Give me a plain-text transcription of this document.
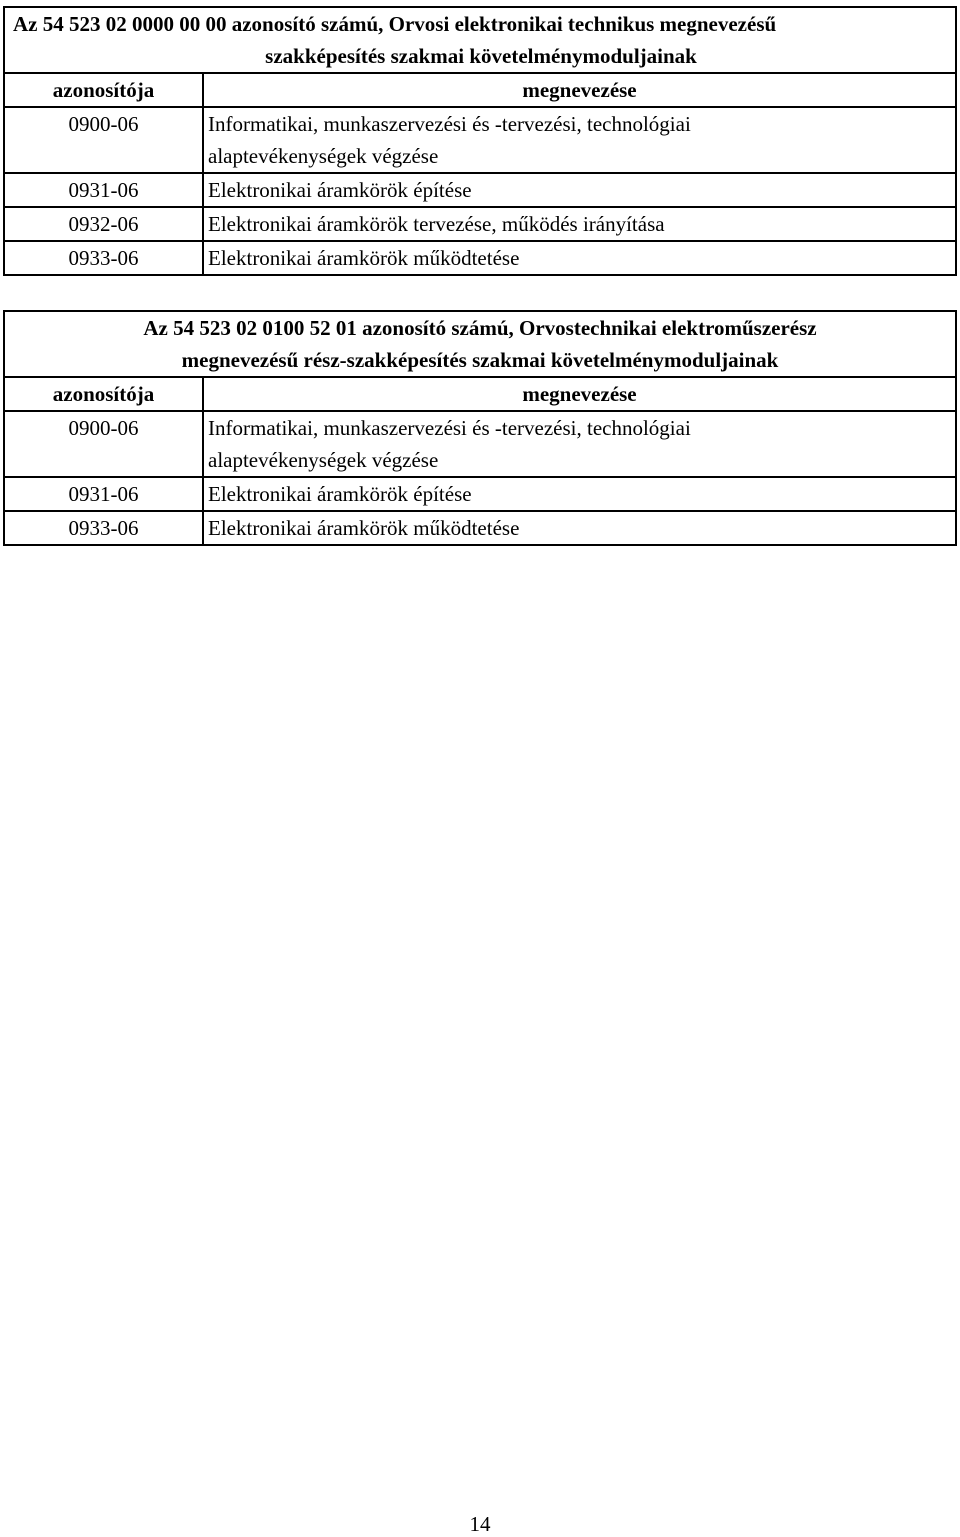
Az 54 523 02 0000 00 00 azonosító számú, Orvosi elektronikai technikus megnevezésű
szakképesítés szakmai követelménymoduljainak	

azonosítója	megnevezése
0900-06	Informatikai, munkaszervezési és -tervezési, technológiai alaptevékenységek végzése
0931-06	Elektronikai áramkörök építése
0932-06	Elektronikai áramkörök tervezése, működés irányítása
0933-06	Elektronikai áramkörök működtetése
Az 54 523 02 0100 52 01 azonosító számú, Orvostechnikai elektroműszerész
megnevezésű rész-szakképesítés szakmai követelménymoduljainak	

azonosítója	megnevezése
0900-06	Informatikai, munkaszervezési és -tervezési, technológiai alaptevékenységek végzése
0931-06	Elektronikai áramkörök építése
0933-06	Elektronikai áramkörök működtetése
14
